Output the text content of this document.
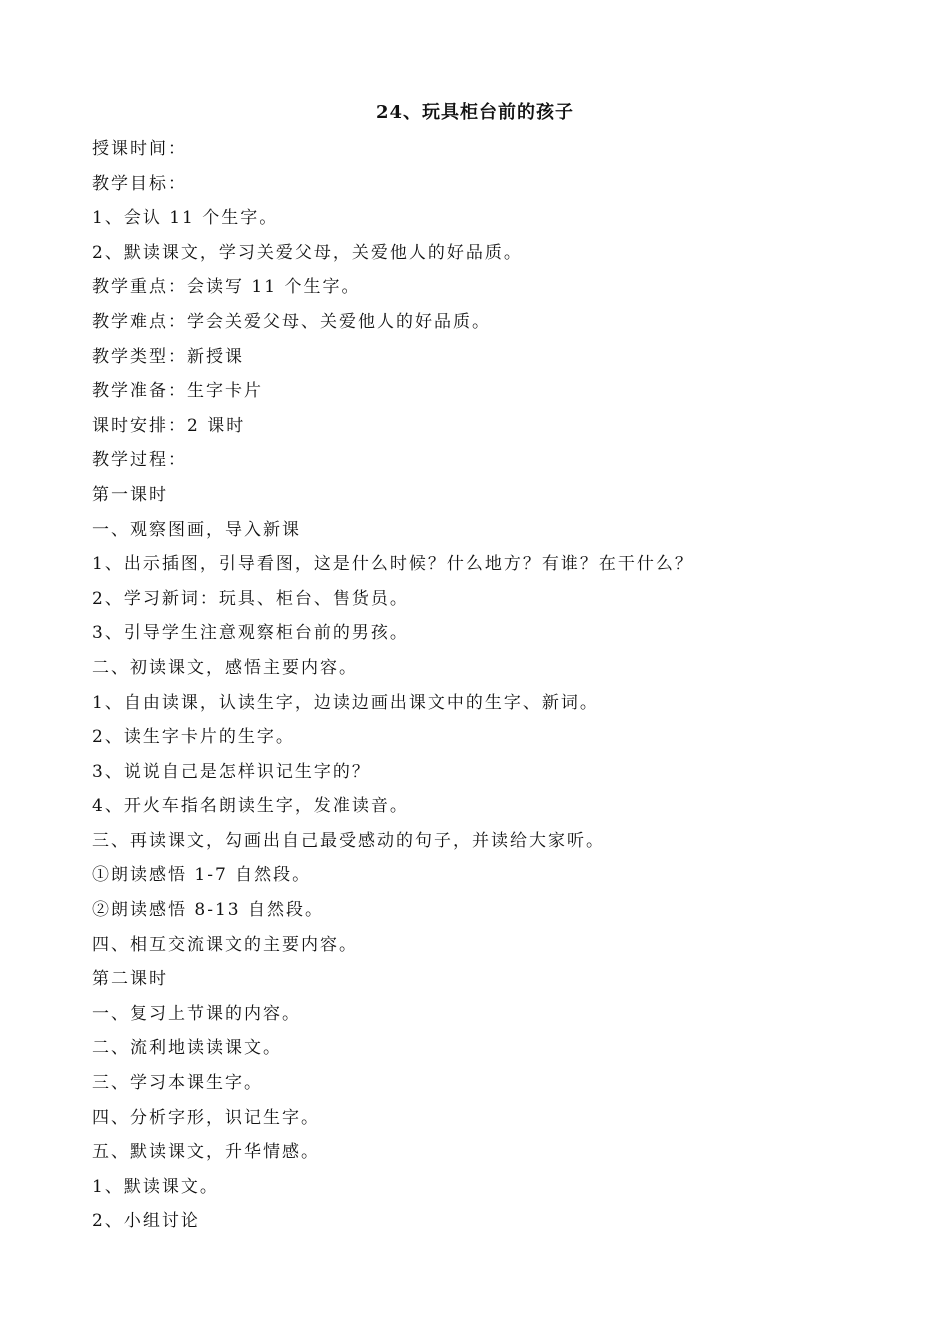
24、玩具柜台前的孩子
授课时间：
教学目标：
1、会认 11 个生字。
2、默读课文，学习关爱父母，关爱他人的好品质。
教学重点：会读写 11 个生字。
教学难点：学会关爱父母、关爱他人的好品质。
教学类型：新授课
教学准备：生字卡片
课时安排：2 课时
教学过程：
第一课时
一、观察图画，导入新课
1、出示插图，引导看图，这是什么时候？什么地方？有谁？在干什么？
2、学习新词：玩具、柜台、售货员。
3、引导学生注意观察柜台前的男孩。
二、初读课文，感悟主要内容。
1、自由读课，认读生字，边读边画出课文中的生字、新词。
2、读生字卡片的生字。
3、说说自己是怎样识记生字的？
4、开火车指名朗读生字，发准读音。
三、再读课文，勾画出自己最受感动的句子，并读给大家听。
①朗读感悟 1-7 自然段。
②朗读感悟 8-13 自然段。
四、相互交流课文的主要内容。
第二课时
一、复习上节课的内容。
二、流利地读读课文。
三、学习本课生字。
四、分析字形，识记生字。
五、默读课文，升华情感。
1、默读课文。
2、小组讨论
